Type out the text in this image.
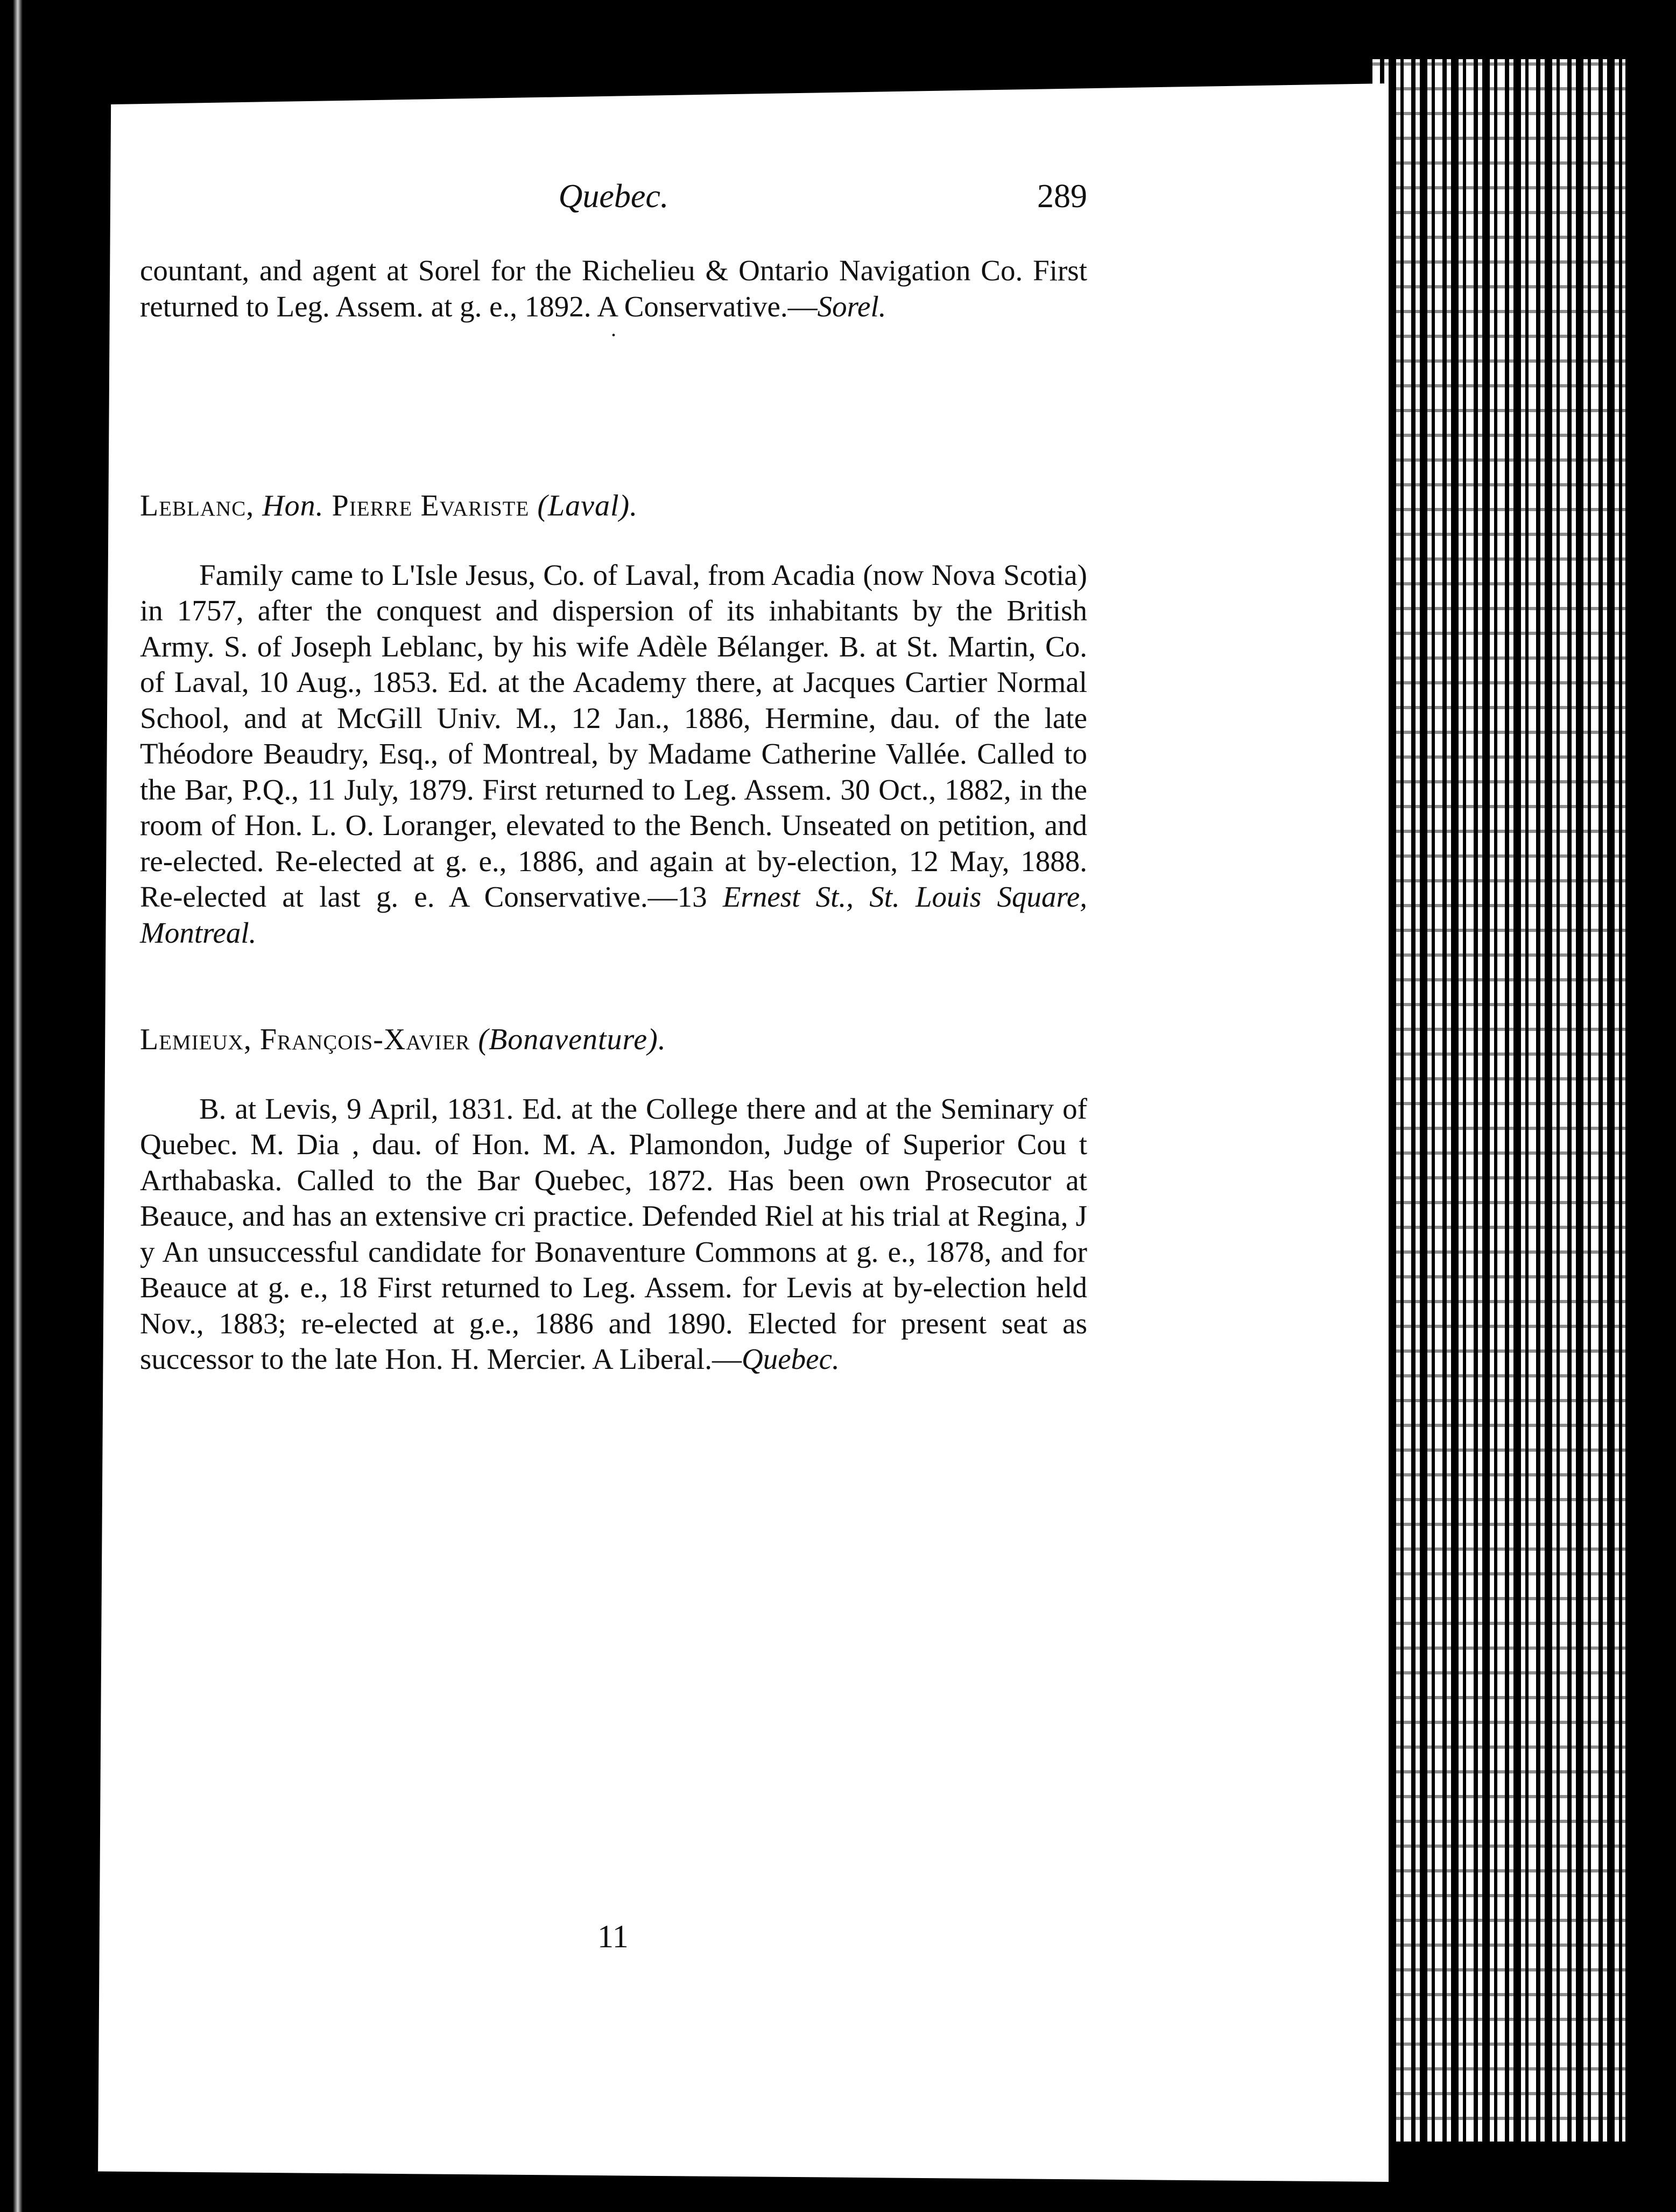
Quebec.	289

countant, and agent at Sorel for the Richelieu & Ontario Navigation Co. First returned to Leg. Assem. at g. e., 1892. A Conservative.—Sorel.

·

Leblanc, Hon. Pierre Evariste (Laval).

Family came to L'Isle Jesus, Co. of Laval, from Acadia (now Nova Scotia) in 1757, after the conquest and dispersion of its inhabitants by the British Army. S. of Joseph Leblanc, by his wife Adèle Bélanger. B. at St. Martin, Co. of Laval, 10 Aug., 1853. Ed. at the Academy there, at Jacques Cartier Normal School, and at McGill Univ. M., 12 Jan., 1886, Hermine, dau. of the late Théodore Beaudry, Esq., of Montreal, by Madame Catherine Vallée. Called to the Bar, P.Q., 11 July, 1879. First returned to Leg. Assem. 30 Oct., 1882, in the room of Hon. L. O. Loranger, elevated to the Bench. Unseated on petition, and re-elected. Re-elected at g. e., 1886, and again at by-election, 12 May, 1888. Re-elected at last g. e. A Conservative.—13 Ernest St., St. Louis Square, Montreal.

Lemieux, François-Xavier (Bonaventure).

B. at Levis, 9 April, 1831. Ed. at the College there and at the Seminary of Quebec. M. Dia , dau. of Hon. M. A. Plamondon, Judge of Superior Cou t Arthabaska. Called to the Bar Quebec, 1872. Has been own Prosecutor at Beauce, and has an extensive cri practice. Defended Riel at his trial at Regina, J y An unsuccessful candidate for Bonaventure Commons at g. e., 1878, and for Beauce at g. e., 18 First returned to Leg. Assem. for Levis at by-election held Nov., 1883; re-elected at g.e., 1886 and 1890. Elected for present seat as successor to the late Hon. H. Mercier. A Liberal.—Quebec.

11
